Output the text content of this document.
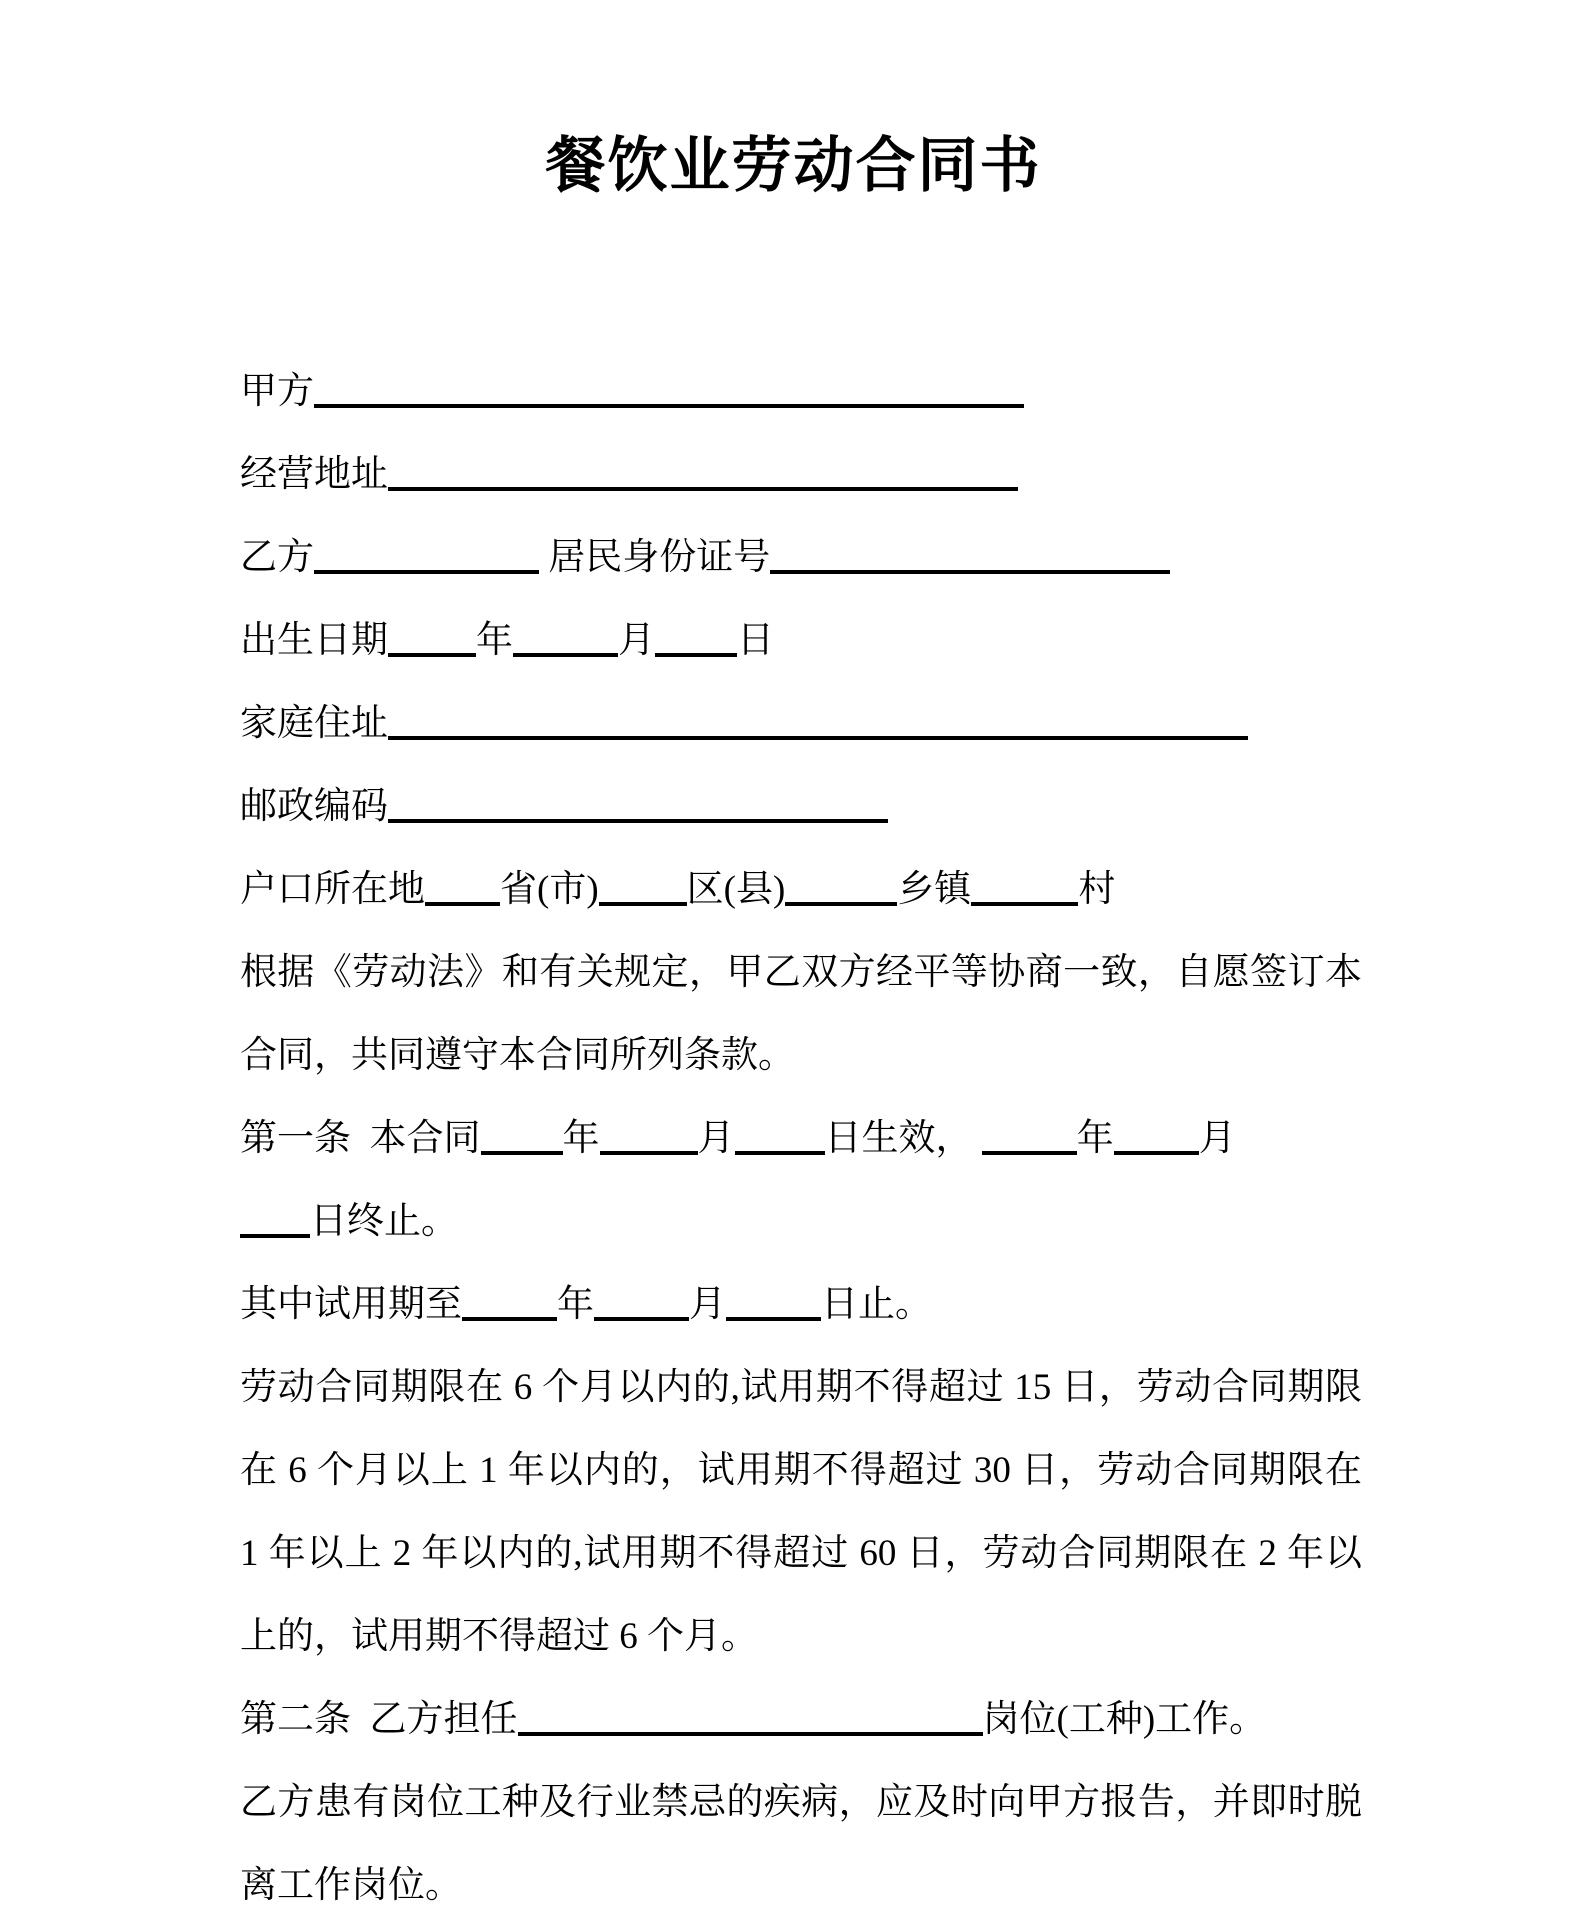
餐饮业劳动合同书
甲方
经营地址
乙方	居民身份证号
出生日期 年	月 日
家庭住址
邮政编码
户口所在地 省(市) 区(县)	乡镇	村
根据《劳动法》和有关规定，甲乙双方经平等协商一致，自愿签订本
合同，共同遵守本合同所列条款。
第一条  本合同 年	月 日生效，	年 月
日终止。
其中试用期至	年	月	日止。
劳动合同期限在 6 个月以内的,试用期不得超过 15 日，劳动合同期限
在 6 个月以上 1 年以内的，试用期不得超过 30 日，劳动合同期限在
1 年以上 2 年以内的,试用期不得超过 60 日，劳动合同期限在 2 年以
上的，试用期不得超过 6 个月。
第二条  乙方担任	岗位(工种)工作。
乙方患有岗位工种及行业禁忌的疾病，应及时向甲方报告，并即时脱
离工作岗位。
